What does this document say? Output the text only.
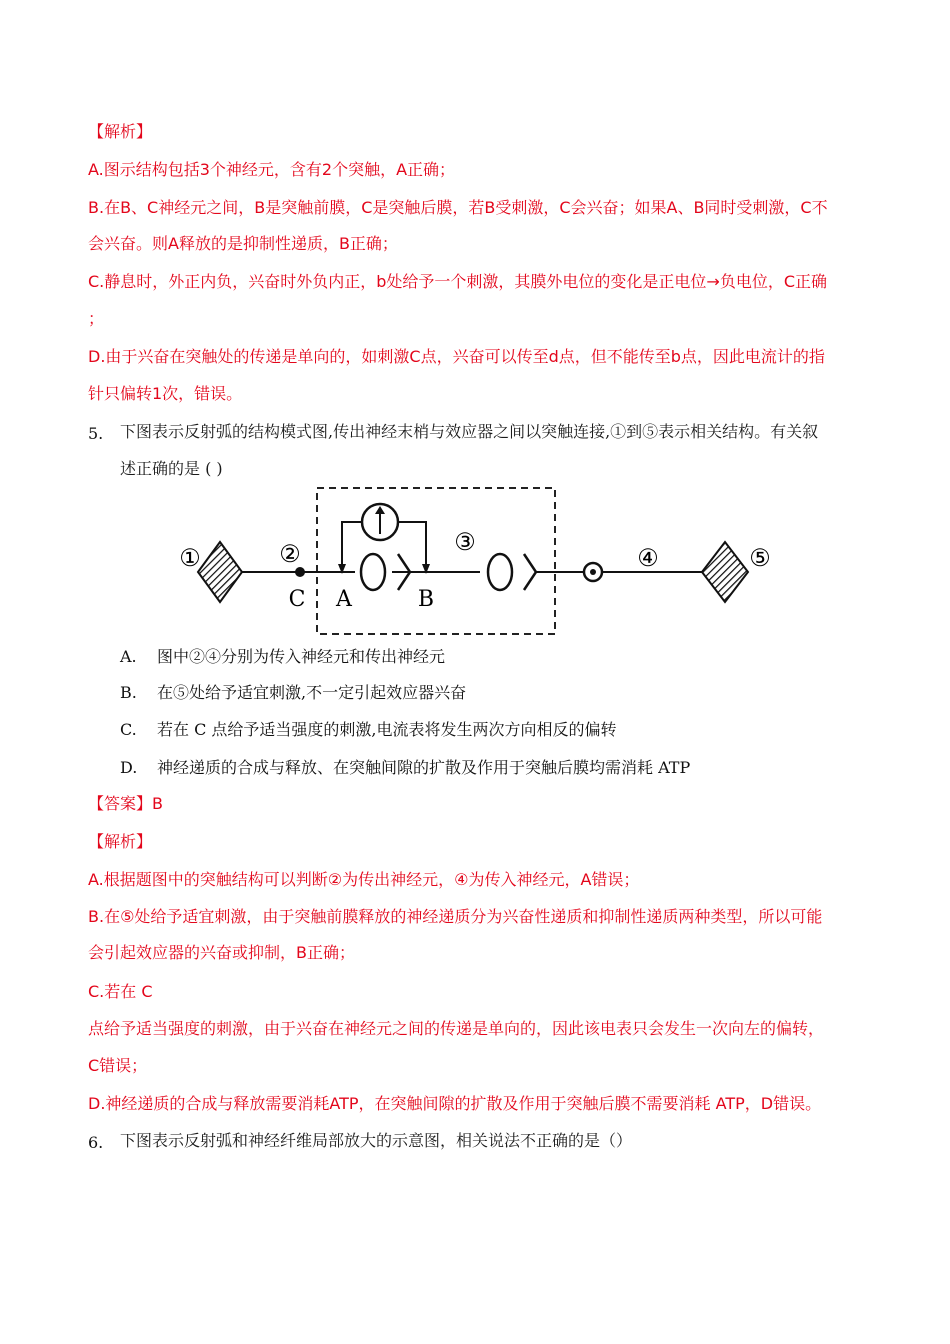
【解析】
A.图示结构包括3个神经元，含有2个突触，A正确；
B.在B、C神经元之间，B是突触前膜，C是突触后膜，若B受刺激，C会兴奋；如果A、B同时受刺激，C不
会兴奋。则A释放的是抑制性递质，B正确；
C.静息时，外正内负，兴奋时外负内正，b处给予一个刺激，其膜外电位的变化是正电位→负电位，C正确
；
D.由于兴奋在突触处的传递是单向的，如刺激C点，兴奋可以传至d点，但不能传至b点，因此电流计的指
针只偏转1次，错误。
5. 下图表示反射弧的结构模式图,传出神经末梢与效应器之间以突触连接,①到⑤表示相关结构。有关叙
述正确的是 ( )
①	②	③
④	⑤
C A	B
A. 图中②④分别为传入神经元和传出神经元
B. 在⑤处给予适宜刺激,不一定引起效应器兴奋
C. 若在 C 点给予适当强度的刺激,电流表将发生两次方向相反的偏转
D. 神经递质的合成与释放、在突触间隙的扩散及作用于突触后膜均需消耗 ATP
【答案】B
【解析】
A.根据题图中的突触结构可以判断②为传出神经元，④为传入神经元，A错误；
B.在⑤处给予适宜刺激，由于突触前膜释放的神经递质分为兴奋性递质和抑制性递质两种类型，所以可能
会引起效应器的兴奋或抑制，B正确；
C.若在 C
点给予适当强度的刺激，由于兴奋在神经元之间的传递是单向的，因此该电表只会发生一次向左的偏转，
C错误；
D.神经递质的合成与释放需要消耗ATP，在突触间隙的扩散及作用于突触后膜不需要消耗 ATP，D错误。
6. 下图表示反射弧和神经纤维局部放大的示意图，相关说法不正确的是（）
